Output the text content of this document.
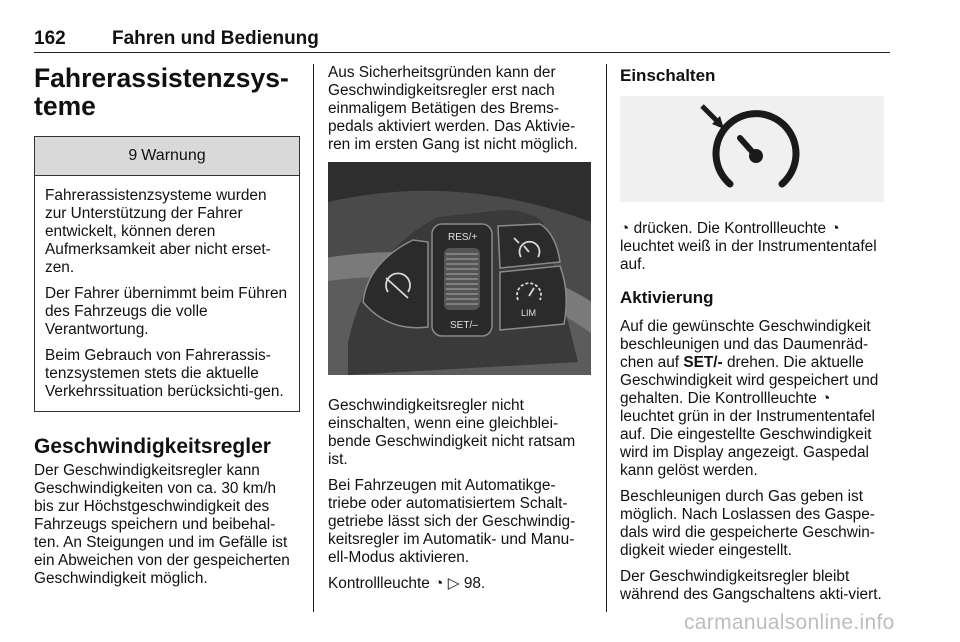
162 Fahren und Bedienung
Fahrerassistenzsys-
teme
9 Warnung

Fahrerassistenzsysteme wurden zur Unterstützung der Fahrer entwickelt, können deren Aufmerksamkeit aber nicht erset-zen.

Der Fahrer übernimmt beim Führen des Fahrzeugs die volle Verantwortung.

Beim Gebrauch von Fahrerassis-tenzsystemen stets die aktuelle Verkehrssituation berücksichti-gen.

Geschwindigkeitsregler

Der Geschwindigkeitsregler kann Geschwindigkeiten von ca. 30 km/h bis zur Höchstgeschwindigkeit des Fahrzeugs speichern und beibehal-ten. An Steigungen und im Gefälle ist ein Abweichen von der gespeicherten Geschwindigkeit möglich.

Aus Sicherheitsgründen kann der Geschwindigkeitsregler erst nach einmaligem Betätigen des Brems-pedals aktiviert werden. Das Aktivie-ren im ersten Gang ist nicht möglich.

RES/+
SET/–
LIM

Geschwindigkeitsregler nicht einschalten, wenn eine gleichblei-bende Geschwindigkeit nicht ratsam ist.

Bei Fahrzeugen mit Automatikge-triebe oder automatisiertem Schalt-getriebe lässt sich der Geschwindig-keitsregler im Automatik- und Manu-ell-Modus aktivieren.

Kontrollleuchte ◔ ▷ 98.

Einschalten

◔ drücken. Die Kontrollleuchte ◔ leuchtet weiß in der Instrumententafel auf.

Aktivierung

Auf die gewünschte Geschwindigkeit beschleunigen und das Daumenräd-chen auf SET/- drehen. Die aktuelle Geschwindigkeit wird gespeichert und gehalten. Die Kontrollleuchte ◔ leuchtet grün in der Instrumententafel auf. Die eingestellte Geschwindigkeit wird im Display angezeigt. Gaspedal kann gelöst werden.

Beschleunigen durch Gas geben ist möglich. Nach Loslassen des Gaspe-dals wird die gespeicherte Geschwin-digkeit wieder eingestellt.

Der Geschwindigkeitsregler bleibt während des Gangschaltens akti-viert.

carmanualsonline.info
